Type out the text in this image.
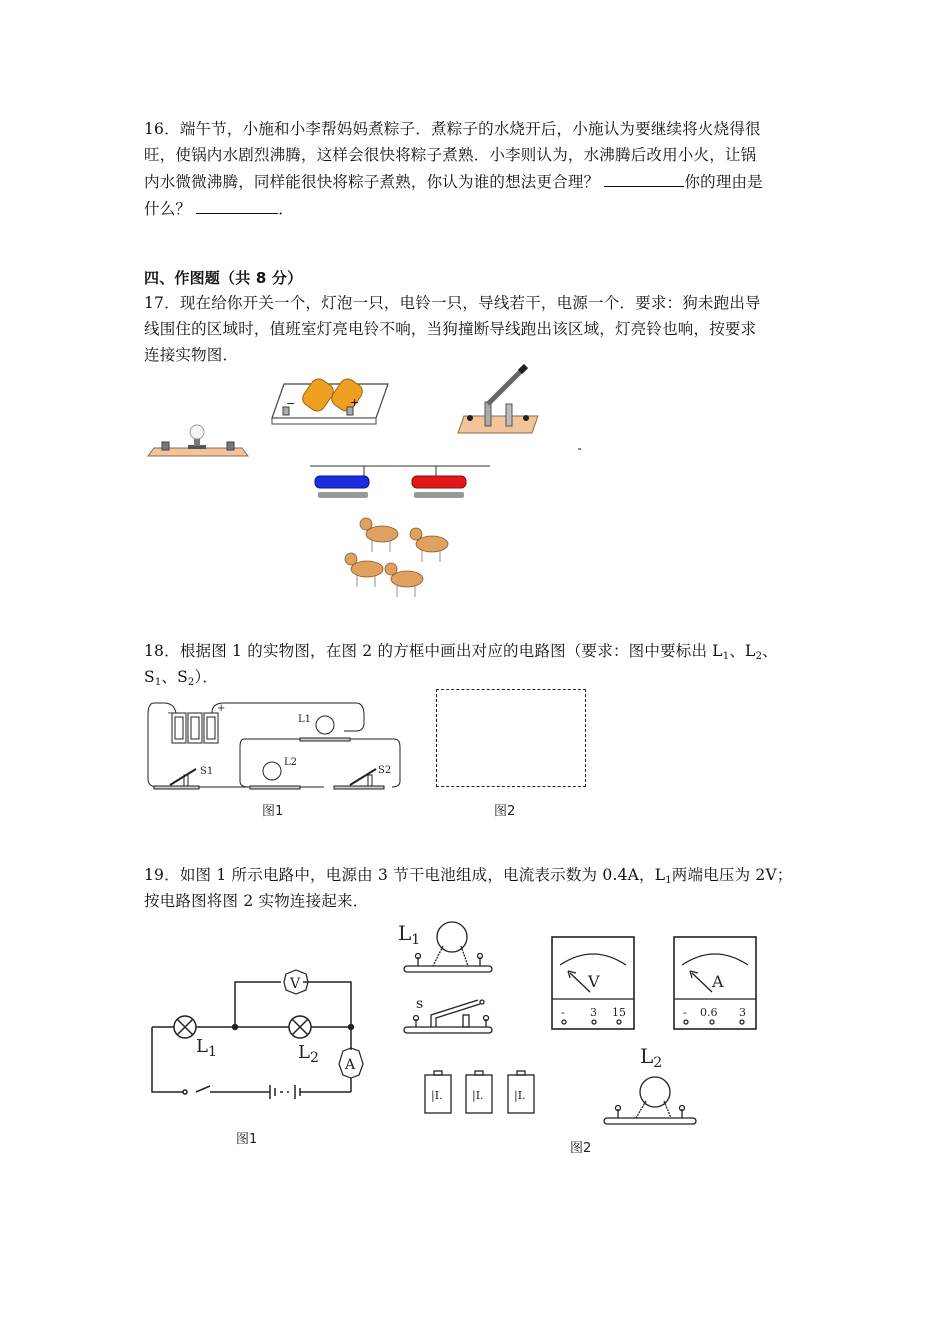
16．端午节，小施和小李帮妈妈煮粽子．煮粽子的水烧开后，小施认为要继续将火烧得很
旺，使锅内水剧烈沸腾，这样会很快将粽子煮熟．小李则认为，水沸腾后改用小火，让锅
内水微微沸腾，同样能很快将粽子煮熟，你认为谁的想法更合理？	你的理由是
什么？	．
四、作图题（共 8 分）
17．现在给你开关一个，灯泡一只，电铃一只，导线若干，电源一个．要求：狗未跑出导
线围住的区域时，值班室灯亮电铃不响，当狗撞断导线跑出该区域，灯亮铃也响，按要求
连接实物图．
−	+
18．根据图 1 的实物图，在图 2 的方框中画出对应的电路图（要求：图中要标出 $L_1$、$L_2$、
$S_1$、$S_2$）．
−	+
L1
L2
S1	S2
图1	图2
19．如图 1 所示电路中，电源由 3 节干电池组成，电流表示数为 0.4A，$L_1$两端电压为 2V；
按电路图将图 2 实物连接起来．
V
A
$L_1$	$L_2$
图1
$L_1$
s
|I.	|I.	|I.
V
- 3 15
A
- 0.6 3
$L_2$
图2
